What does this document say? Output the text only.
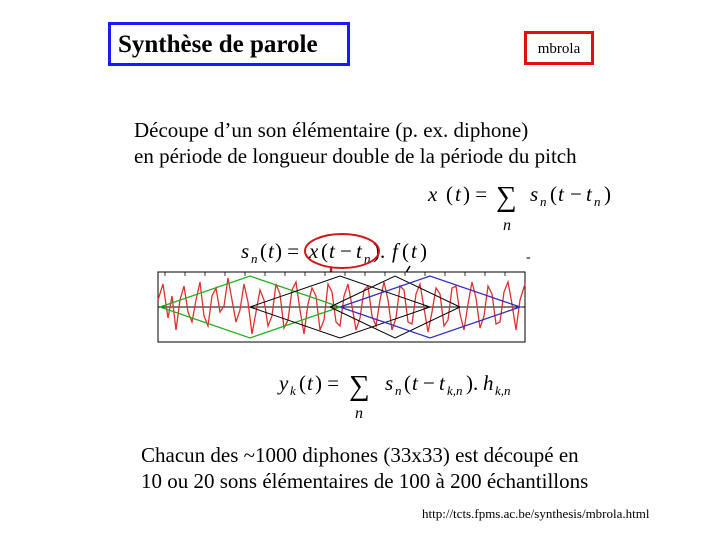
Synthèse de parole	mbrola
Découpe d’un son élémentaire (p. ex. diphone)
en période de longueur double de la période du pitch
x ( t ) = ∑
n
s n ( t − t n )
s n ( t ) = x ( t − t n ). f ( t )	-
y k ( t ) = ∑
n
s n ( t − t k,n ). h k,n
Chacun des ~1000 diphones (33x33) est découpé en
10 ou 20 sons élémentaires de 100 à 200 échantillons
http://tcts.fpms.ac.be/synthesis/mbrola.html
